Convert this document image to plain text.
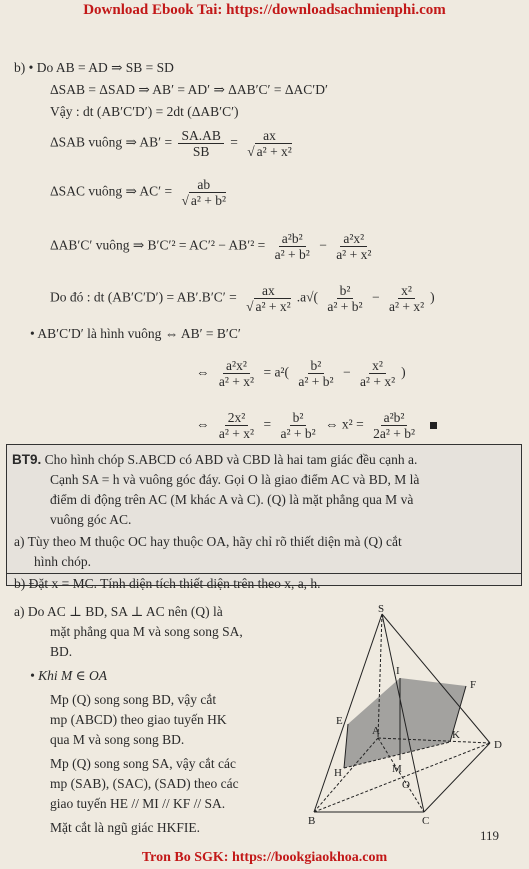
Download Ebook Tai: https://downloadsachmienphi.com
b) • Do AB = AD ⇒ SB = SD
ΔSAB = ΔSAD ⇒ AB′ = AD′ ⇒ ΔAB′C′ = ΔAC′D′
Vậy : dt (AB′C′D′) = 2dt (ΔAB′C′)
ΔSAB vuông ⇒ $AB' = \frac{SA.AB}{SB} = \frac{ax}{\text{√ a² + x²}}$
ΔSAC vuông ⇒ $AC' = \frac{ab}{\text{√ a² + b²}}$
ΔAB′C′ vuông ⇒ $B'C'^2 = AC'^2 - AB'^2 = \frac{\text{a²b²}}{\text{a² + b²}} - \frac{\text{a²x²}}{\text{a² + x²}}$
Do đó : dt $(AB'C'D') = AB'.B'C' = \frac{ax}{\text{√ a² + x²}} .a√( \frac{\text{b²}}{\text{a² + b²}} - \frac{\text{x²}}{\text{a² + x²}}$ )
• AB′C′D′ là hình vuông ⇔ AB′ = B′C′
⇔ $\frac{\text{a²x²}}{\text{a² + x²}} = a^2( \frac{\text{b²}}{\text{a² + b²}} - \frac{\text{x²}}{\text{a² + x²}}$ )
⇔ $\frac{\text{2x²}}{\text{a² + x²}} = \frac{\text{b²}}{\text{a² + b²}}$ ⇔ $x^2 = \frac{\text{a²b²}}{\text{2a² + b²}}$

BT9. Cho hình chóp S.ABCD có ABD và CBD là hai tam giác đều cạnh a.
Cạnh SA = h và vuông góc đáy. Gọi O là giao điểm AC và BD, M là
điểm di động trên AC (M khác A và C). (Q) là mặt phẳng qua M và
vuông góc AC.
a) Tùy theo M thuộc OC hay thuộc OA, hãy chỉ rõ thiết diện mà (Q) cắt
hình chóp.
b) Đặt x = MC. Tính diện tích thiết diện trên theo x, a, h.
a) Do AC ⊥ BD, SA ⊥ AC nên (Q) là
mặt phẳng qua M và song song SA,
BD.
• Khi M ∈ OA
Mp (Q) song song BD, vậy cắt
mp (ABCD) theo giao tuyến HK
qua M và song song BD.
Mp (Q) song song SA, vậy cắt các
mp (SAB), (SAC), (SAD) theo các
giao tuyến HE // MI // KF // SA.
Mặt cắt là ngũ giác HKFIE.
S
I
F
E
A	K
D
H	M
O
B	C
119
Tron Bo SGK: https://bookgiaokhoa.com
